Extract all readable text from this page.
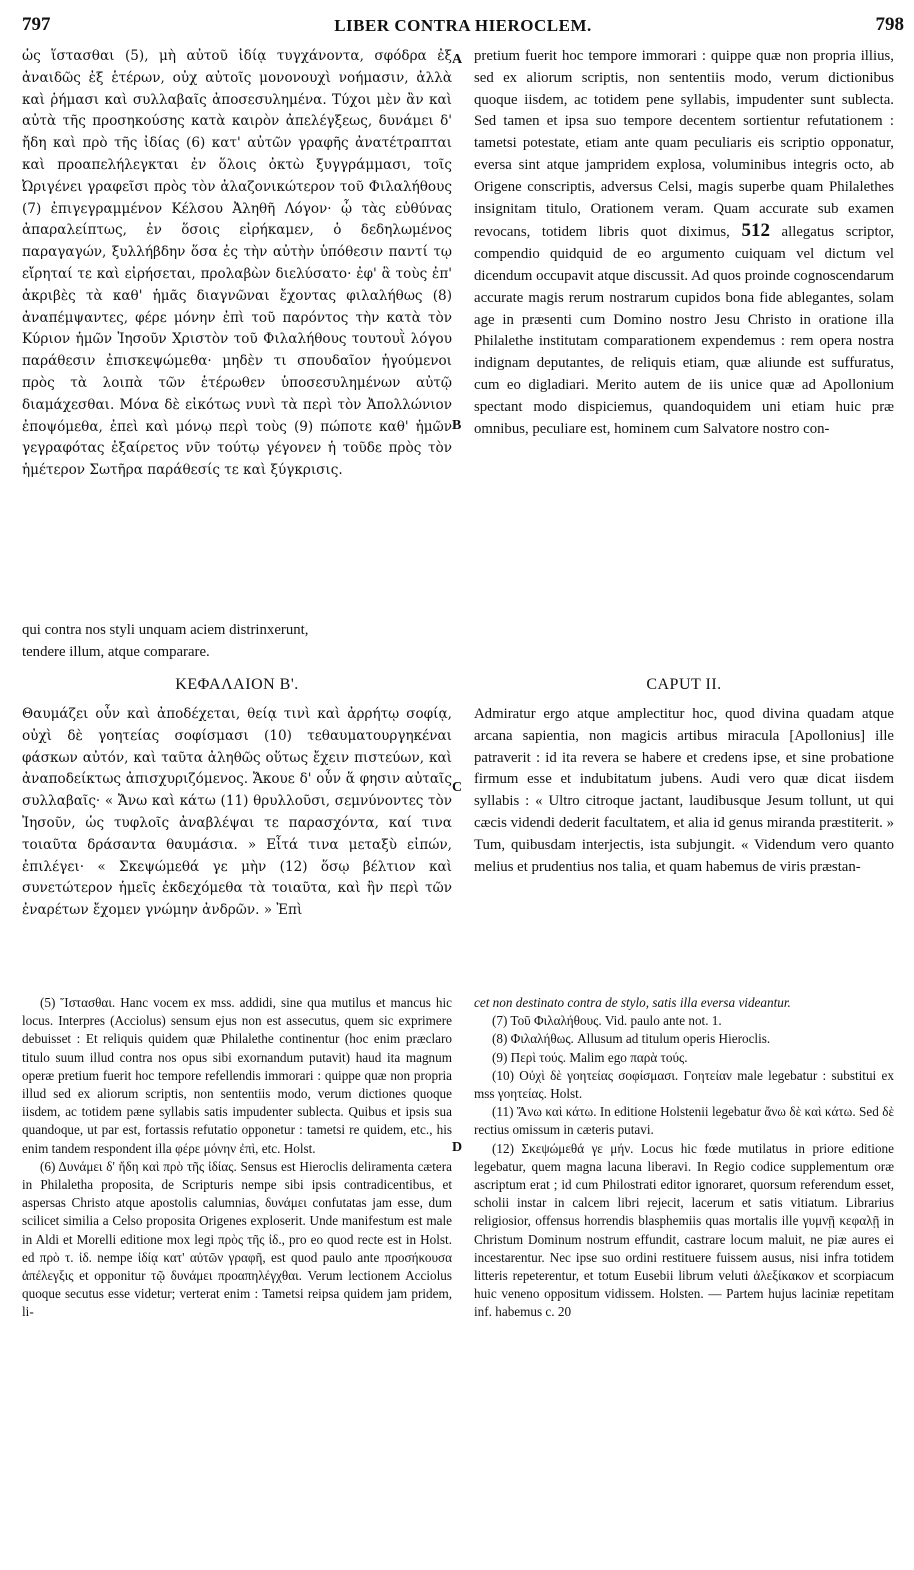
797	LIBER CONTRA HIEROCLEM.	798
A
B
C
D

ὡς ἵστασθαι (5), μὴ αὐτοῦ ἰδίᾳ τυγχάνοντα, σφόδρα ἐξ ἀναιδῶς ἐξ ἑτέρων, οὐχ αὐτοῖς μονονουχὶ νοήμασιν, ἀλλὰ καὶ ῥήμασι καὶ συλλαβαῖς ἀποσεσυλημένα. Τύχοι μὲν ἂν καὶ αὐτὰ τῆς προσηκούσης κατὰ καιρὸν ἀπελέγξεως, δυνάμει δ' ἤδη καὶ πρὸ τῆς ἰδίας (6) κατ' αὐτῶν γραφῆς ἀνατέτραπται καὶ προαπελήλεγκται ἐν ὅλοις ὀκτὼ ξυγγράμμασι, τοῖς Ὠριγένει γραφεῖσι πρὸς τὸν ἀλαζονικώτερον τοῦ Φιλαλήθους (7) ἐπιγεγραμμένον Κέλσου Ἀληθῆ Λόγον· ᾧ τὰς εὐθύνας ἀπαραλείπτως, ἐν ὅσοις εἰρήκαμεν, ὁ δεδηλωμένος παραγαγών, ξυλλήβδην ὅσα ἐς τὴν αὐτὴν ὑπόθεσιν παντί τῳ εἴρηταί τε καὶ εἰρήσεται, προλαβὼν διελύσατο· ἐφ' ἃ τοὺς ἐπ' ἀκριβὲς τὰ καθ' ἡμᾶς διαγνῶναι ἔχοντας φιλαλήθως (8) ἀναπέμψαντες, φέρε μόνην ἐπὶ τοῦ παρόντος τὴν κατὰ τὸν Κύριον ἡμῶν Ἰησοῦν Χριστὸν τοῦ Φιλαλήθους τουτουῒ λόγου παράθεσιν ἐπισκεψώμεθα· μηδὲν τι σπουδαῖον ἡγούμενοι πρὸς τὰ λοιπὰ τῶν ἑτέρωθεν ὑποσεσυλημένων αὐτῷ διαμάχεσθαι. Μόνα δὲ εἰκότως νυνὶ τὰ περὶ τὸν Ἀπολλώνιον ἐποψόμεθα, ἐπεὶ καὶ μόνῳ περὶ τοὺς (9) πώποτε καθ' ἡμῶν γεγραφότας ἐξαίρετος νῦν τούτῳ γέγονεν ἡ τοῦδε πρὸς τὸν ἡμέτερον Σωτῆρα παράθεσίς τε καὶ ξύγκρισις.

pretium fuerit hoc tempore immorari : quippe quæ non propria illius, sed ex aliorum scriptis, non sententiis modo, verum dictionibus quoque iisdem, ac totidem pene syllabis, impudenter sunt sublecta. Sed tamen et ipsa suo tempore decentem sortientur refutationem : tametsi potestate, etiam ante quam peculiaris eis scriptio opponatur, eversa sint atque jampridem explosa, voluminibus integris octo, ab Origene conscriptis, adversus Celsi, magis superbe quam Philalethes insignitam titulo, Orationem veram. Quam accurate sub examen revocans, totidem libris quot diximus, 512 allegatus scriptor, compendio quidquid de eo argumento cuiquam vel dictum vel dicendum occupavit atque discussit. Ad quos proinde cognoscendarum accurate magis rerum nostrarum cupidos bona fide ablegantes, solam age in præsenti cum Domino nostro Jesu Christo in oratione illa Philalethe institutam comparationem expendemus : rem opera nostra indignam deputantes, de reliquis etiam, quæ aliunde est suffuratus, cum eo digladiari. Merito autem de iis unice quæ ad Apollonium spectant modo dispiciemus, quandoquidem uni etiam huic præ omnibus, peculiare est, hominem cum Salvatore nostro con-

qui contra nos styli unquam aciem distrinxerunt,

tendere illum, atque comparare.

ΚΕΦΑΛΑΙΟΝ Β'.	CAPUT II.

Θαυμάζει οὖν καὶ ἀποδέχεται, θείᾳ τινὶ καὶ ἀρρήτῳ σοφίᾳ, οὐχὶ δὲ γοητείας σοφίσμασι (10) τεθαυματουργηκέναι φάσκων αὐτόν, καὶ ταῦτα ἀληθῶς οὕτως ἔχειν πιστεύων, καὶ ἀναποδείκτως ἀπισχυριζόμενος. Ἄκουε δ' οὖν ἅ φησιν αὐταῖς συλλαβαῖς· « Ἄνω καὶ κάτω (11) θρυλλοῦσι, σεμνύνοντες τὸν Ἰησοῦν, ὡς τυφλοῖς ἀναβλέψαι τε παρασχόντα, καί τινα τοιαῦτα δράσαντα θαυμάσια. » Εἶτά τινα μεταξὺ εἰπών, ἐπιλέγει· « Σκεψώμεθά γε μὴν (12) ὅσῳ βέλτιον καὶ συνετώτερον ἡμεῖς ἐκδεχόμεθα τὰ τοιαῦτα, καὶ ἣν περὶ τῶν ἐναρέτων ἔχομεν γνώμην ἀνδρῶν. » Ἐπὶ

Admiratur ergo atque amplectitur hoc, quod divina quadam atque arcana sapientia, non magicis artibus miracula [Apollonius] ille patraverit : id ita revera se habere et credens ipse, et sine probatione firmum esse et indubitatum jubens. Audi vero quæ dicat iisdem syllabis : « Ultro citroque jactant, laudibusque Jesum tollunt, ut qui cæcis videndi dederit facultatem, et alia id genus miranda præstiterit. » Tum, quibusdam interjectis, ista subjungit. « Videndum vero quanto melius et prudentius nos talia, et quam habemus de viris præstan-

(5) Ἵστασθαι. Hanc vocem ex mss. addidi, sine qua mutilus et mancus hic locus. Interpres (Acciolus) sensum ejus non est assecutus, quem sic exprimere debuisset : Et reliquis quidem quæ Philalethe continentur (hoc enim præclaro titulo suum illud contra nos opus sibi exornandum putavit) haud ita magnum operæ pretium fuerit hoc tempore refellendis immorari : quippe quæ non propria illud sed ex aliorum scriptis, non sententiis modo, verum dictiones quoque iisdem, ac totidem pæne syllabis satis impudenter sublecta. Quibus et ipsis sua quandoque, ut par est, fortassis refutatio opponetur : tametsi re quidem, etc., his enim tandem respondent illa φέρε μόνην ἐπὶ, etc. Holst.

(6) Δυνάμει δ' ἤδη καὶ πρὸ τῆς ἰδίας. Sensus est Hieroclis deliramenta cætera in Philaletha proposita, de Scripturis nempe sibi ipsis contradicentibus, et aspersas Christo atque apostolis calumnias, δυνάμει confutatas jam esse, dum scilicet similia a Celso proposita Origenes exploserit. Unde manifestum est male in Aldi et Morelli editione mox legi πρὸς τῆς ἰδ., pro eo quod recte est in Holst. ed πρὸ τ. ἰδ. nempe ἰδίᾳ κατ' αὐτῶν γραφῆ, est quod paulo ante προσήκουσα ἀπέλεγξις et opponitur τῷ δυνάμει προαπηλέγχθαι. Verum lectionem Acciolus quoque secutus esse videtur; verterat enim : Tametsi reipsa quidem jam pridem, li-

cet non destinato contra de stylo, satis illa eversa videantur.

(7) Τοῦ Φιλαλήθους. Vid. paulo ante not. 1.

(8) Φιλαλήθως. Allusum ad titulum operis Hieroclis.

(9) Περὶ τούς. Malim ego παρὰ τούς.

(10) Οὐχὶ δὲ γοητείας σοφίσμασι. Γοητείαν male legebatur : substitui ex mss γοητείας. Holst.

(11) Ἄνω καὶ κάτω. In editione Holstenii legebatur ἄνω δὲ καὶ κάτω. Sed δὲ rectius omissum in cæteris putavi.

(12) Σκεψώμεθά γε μήν. Locus hic fœde mutilatus in priore editione legebatur, quem magna lacuna liberavi. In Regio codice supplementum oræ ascriptum erat ; id cum Philostrati editor ignoraret, quorsum referendum esset, scholii instar in calcem libri rejecit, lacerum et satis vitiatum. Librarius religiosior, offensus horrendis blasphemiis quas mortalis ille γυμνῇ κεφαλῇ in Christum Dominum nostrum effundit, castrare locum maluit, ne piæ aures ei incestarentur. Nec ipse suo ordini restituere fuissem ausus, nisi infra totidem litteris repeterentur, et totum Eusebii librum veluti ἀλεξίκακον et scorpiacum huic veneno oppositum vidissem. Holsten. — Partem hujus laciniæ repetitam inf. habemus c. 20
